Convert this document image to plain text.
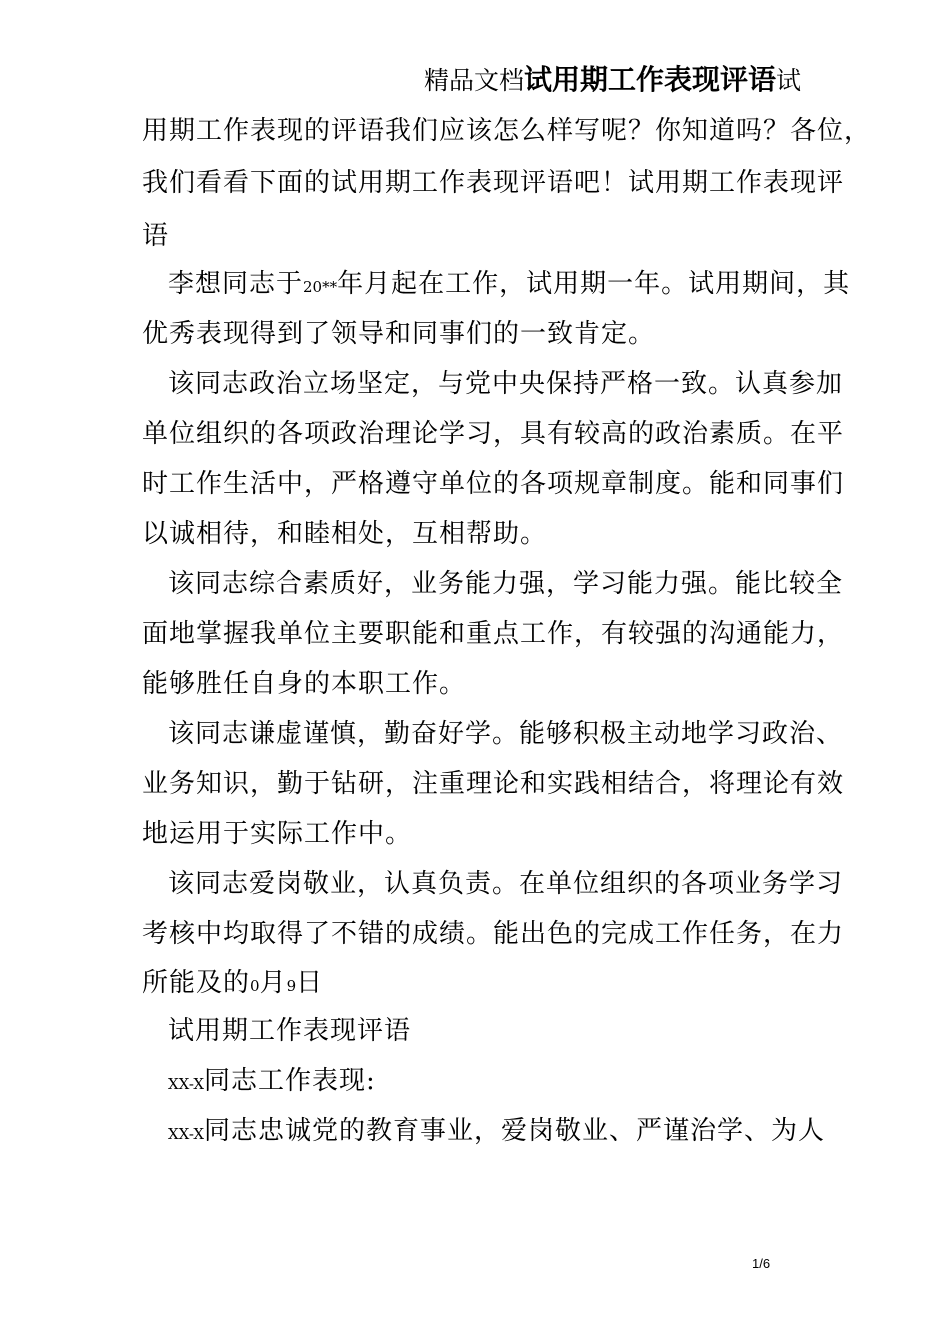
精品文档试用期工作表现评语试
用期工作表现的评语我们应该怎么样写呢？你知道吗？各位，
我们看看下面的试用期工作表现评语吧！试用期工作表现评
语
李想同志于20**年月起在工作，试用期一年。试用期间，其
优秀表现得到了领导和同事们的一致肯定。
该同志政治立场坚定，与党中央保持严格一致。认真参加
单位组织的各项政治理论学习，具有较高的政治素质。在平
时工作生活中，严格遵守单位的各项规章制度。能和同事们
以诚相待，和睦相处，互相帮助。
该同志综合素质好，业务能力强，学习能力强。能比较全
面地掌握我单位主要职能和重点工作，有较强的沟通能力，
能够胜任自身的本职工作。
该同志谦虚谨慎，勤奋好学。能够积极主动地学习政治、
业务知识，勤于钻研，注重理论和实践相结合，将理论有效
地运用于实际工作中。
该同志爱岗敬业，认真负责。在单位组织的各项业务学习
考核中均取得了不错的成绩。能出色的完成工作任务，在力
所能及的0月9日
试用期工作表现评语
XX-X同志工作表现:
XX-X同志忠诚党的教育事业，爱岗敬业、严谨治学、为人
1/6
